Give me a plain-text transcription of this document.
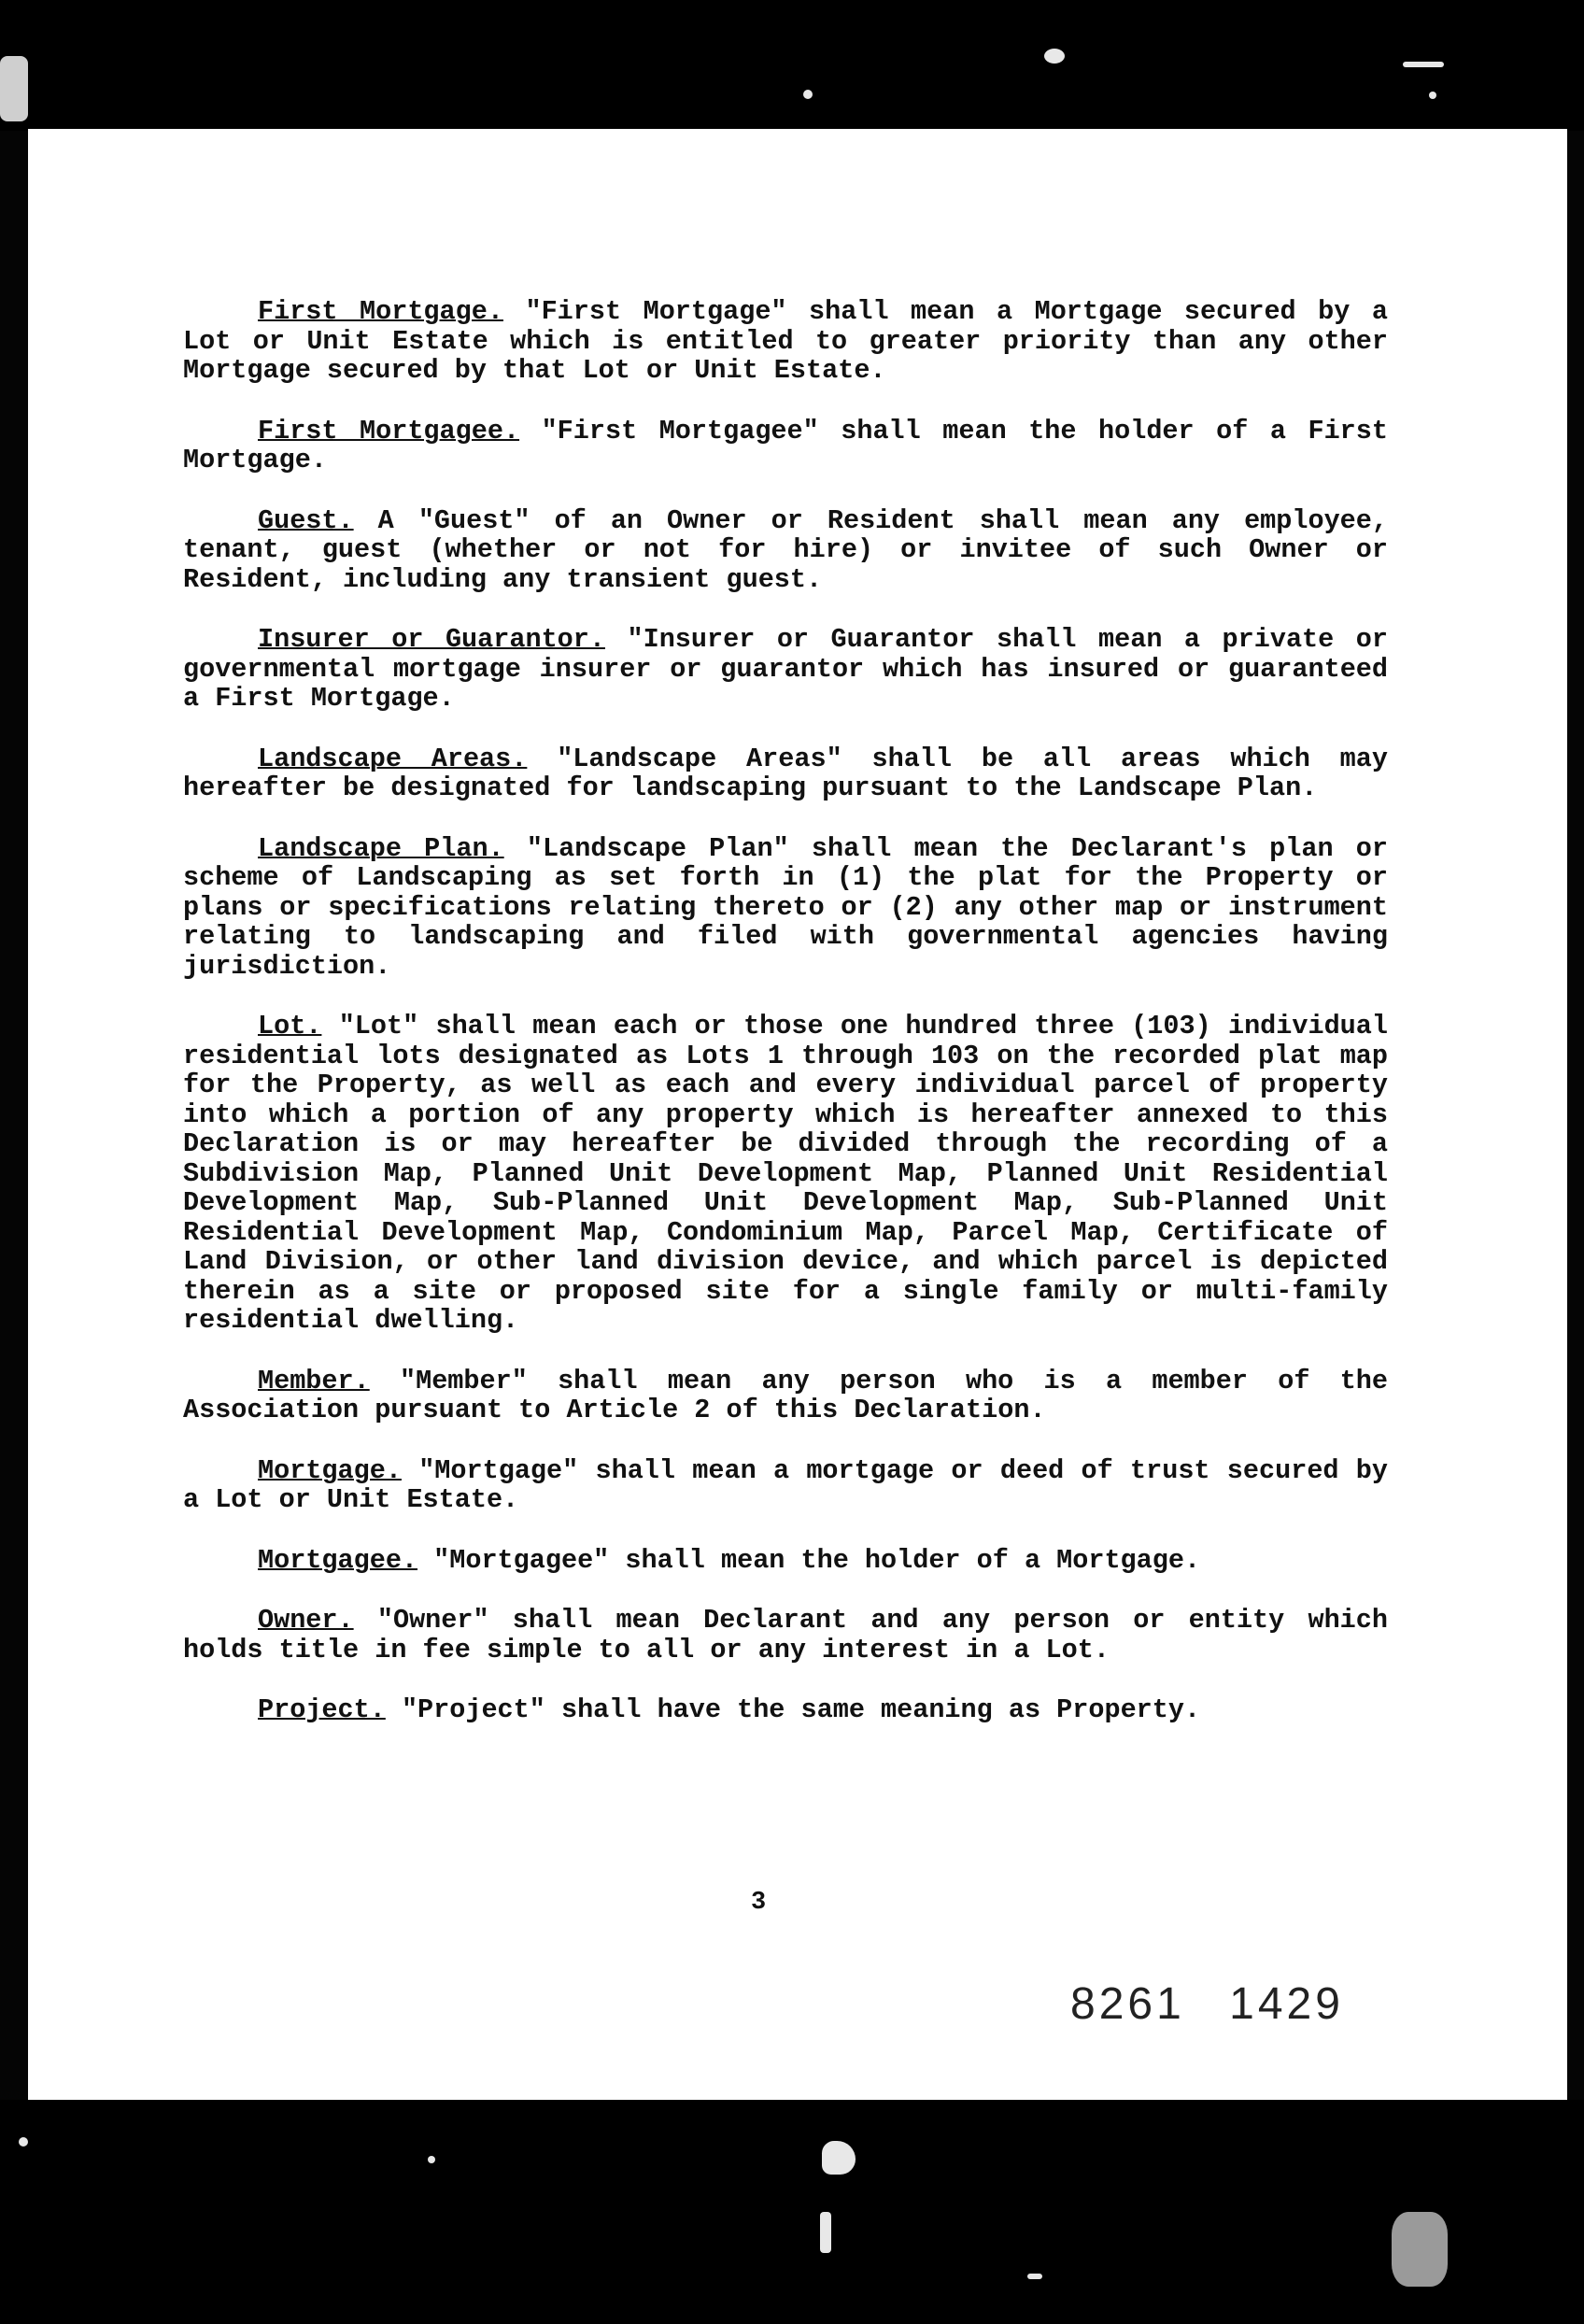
First Mortgage. "First Mortgage" shall mean a Mortgage secured by a Lot or Unit Estate which is entitled to greater priority than any other Mortgage secured by that Lot or Unit Estate.

First Mortgagee. "First Mortgagee" shall mean the holder of a First Mortgage.

Guest. A "Guest" of an Owner or Resident shall mean any employee, tenant, guest (whether or not for hire) or invitee of such Owner or Resident, including any transient guest.

Insurer or Guarantor. "Insurer or Guarantor shall mean a private or governmental mortgage insurer or guarantor which has insured or guaranteed a First Mortgage.

Landscape Areas. "Landscape Areas" shall be all areas which may hereafter be designated for landscaping pursuant to the Landscape Plan.

Landscape Plan. "Landscape Plan" shall mean the Declarant's plan or scheme of Landscaping as set forth in (1) the plat for the Property or plans or specifications relating thereto or (2) any other map or instrument relating to landscaping and filed with governmental agencies having jurisdiction.

Lot. "Lot" shall mean each or those one hundred three (103) individual residential lots designated as Lots 1 through 103 on the recorded plat map for the Property, as well as each and every individual parcel of property into which a portion of any property which is hereafter annexed to this Declaration is or may hereafter be divided through the recording of a Subdivision Map, Planned Unit Development Map, Planned Unit Residential Development Map, Sub-Planned Unit Development Map, Sub-Planned Unit Residential Development Map, Condominium Map, Parcel Map, Certificate of Land Division, or other land division device, and which parcel is depicted therein as a site or proposed site for a single family or multi-family residential dwelling.

Member. "Member" shall mean any person who is a member of the Association pursuant to Article 2 of this Declaration.

Mortgage. "Mortgage" shall mean a mortgage or deed of trust secured by a Lot or Unit Estate.

Mortgagee. "Mortgagee" shall mean the holder of a Mortgage.

Owner. "Owner" shall mean Declarant and any person or entity which holds title in fee simple to all or any interest in a Lot.

Project. "Project" shall have the same meaning as Property.

3
8261 1429
